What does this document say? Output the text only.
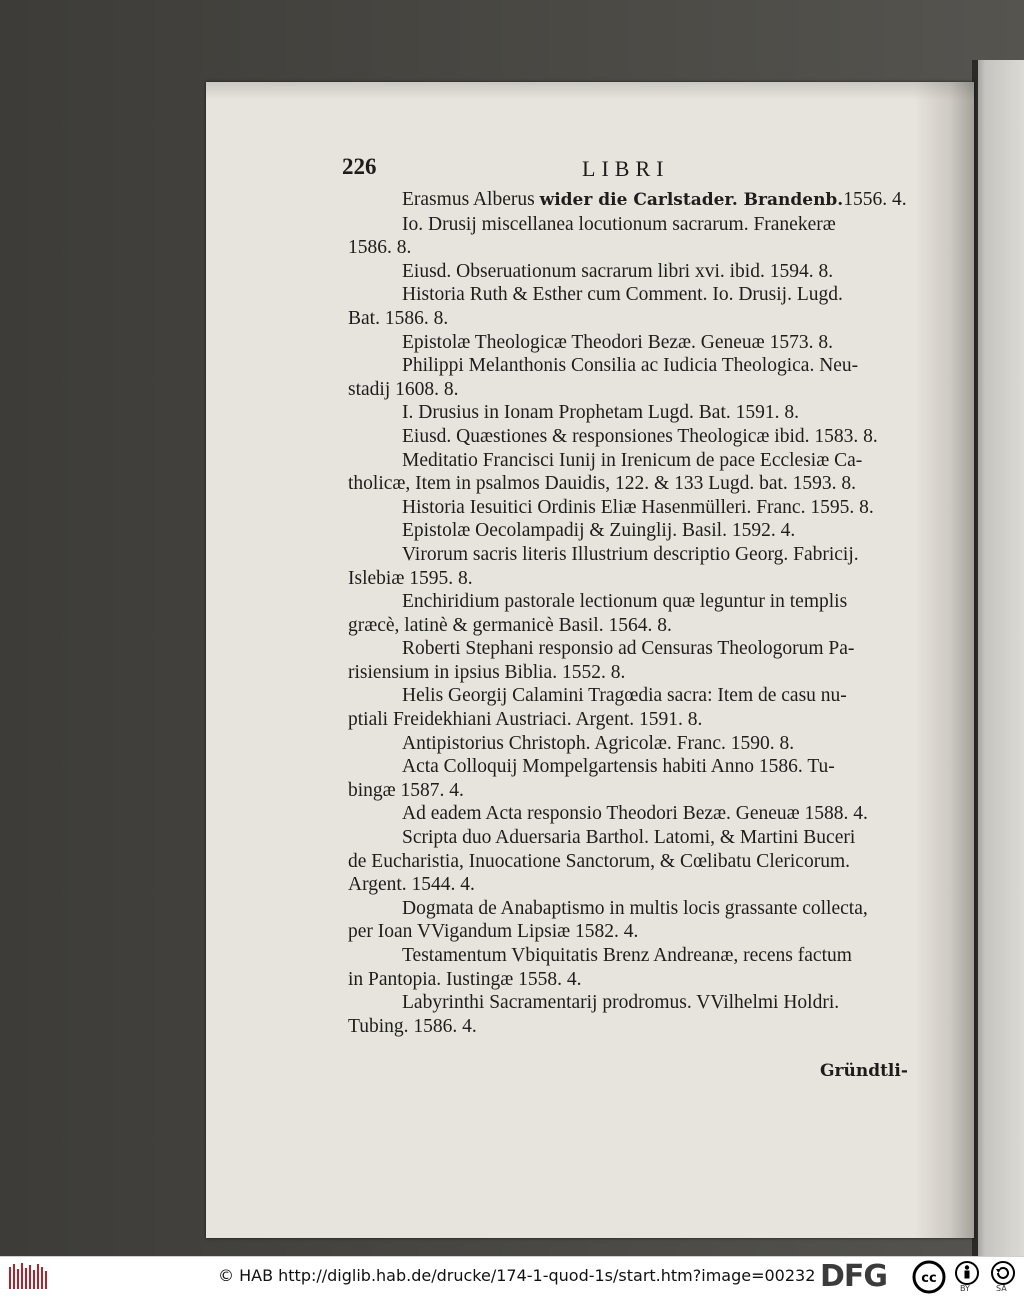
226	LIBRI
Erasmus Alberus wider die Carlstader. Brandenb.1556. 4.
Io. Drusij miscellanea locutionum sacrarum. Franekeræ
1586. 8.
Eiusd. Obseruationum sacrarum libri xvi. ibid. 1594. 8.
Historia Ruth & Esther cum Comment. Io. Drusij. Lugd.
Bat. 1586. 8.
Epistolæ Theologicæ Theodori Bezæ. Geneuæ 1573. 8.
Philippi Melanthonis Consilia ac Iudicia Theologica. Neu-
stadij 1608. 8.
I. Drusius in Ionam Prophetam Lugd. Bat. 1591. 8.
Eiusd. Quæstiones & responsiones Theologicæ ibid. 1583. 8.
Meditatio Francisci Iunij in Irenicum de pace Ecclesiæ Ca-
tholicæ, Item in psalmos Dauidis, 122. & 133 Lugd. bat. 1593. 8.
Historia Iesuitici Ordinis Eliæ Hasenmülleri. Franc. 1595. 8.
Epistolæ Oecolampadij & Zuinglij. Basil. 1592. 4.
Virorum sacris literis Illustrium descriptio Georg. Fabricij.
Islebiæ 1595. 8.
Enchiridium pastorale lectionum quæ leguntur in templis
græcè, latinè & germanicè Basil. 1564. 8.
Roberti Stephani responsio ad Censuras Theologorum Pa-
risiensium in ipsius Biblia. 1552. 8.
Helis Georgij Calamini Tragœdia sacra: Item de casu nu-
ptiali Freidekhiani Austriaci. Argent. 1591. 8.
Antipistorius Christoph. Agricolæ. Franc. 1590. 8.
Acta Colloquij Mompelgartensis habiti Anno 1586. Tu-
bingæ 1587. 4.
Ad eadem Acta responsio Theodori Bezæ. Geneuæ 1588. 4.
Scripta duo Aduersaria Barthol. Latomi, & Martini Buceri
de Eucharistia, Inuocatione Sanctorum, & Cœlibatu Clericorum.
Argent. 1544. 4.
Dogmata de Anabaptismo in multis locis grassante collecta,
per Ioan VVigandum Lipsiæ 1582. 4.
Testamentum Vbiquitatis Brenz Andreanæ, recens factum
in Pantopia. Iustingæ 1558. 4.
Labyrinthi Sacramentarij prodromus. VVilhelmi Holdri.
Tubing. 1586. 4.
Gründtli-
© HAB http://diglib.hab.de/drucke/174-1-quod-1s/start.htm?image=00232 DFG	cc
BY	SA
